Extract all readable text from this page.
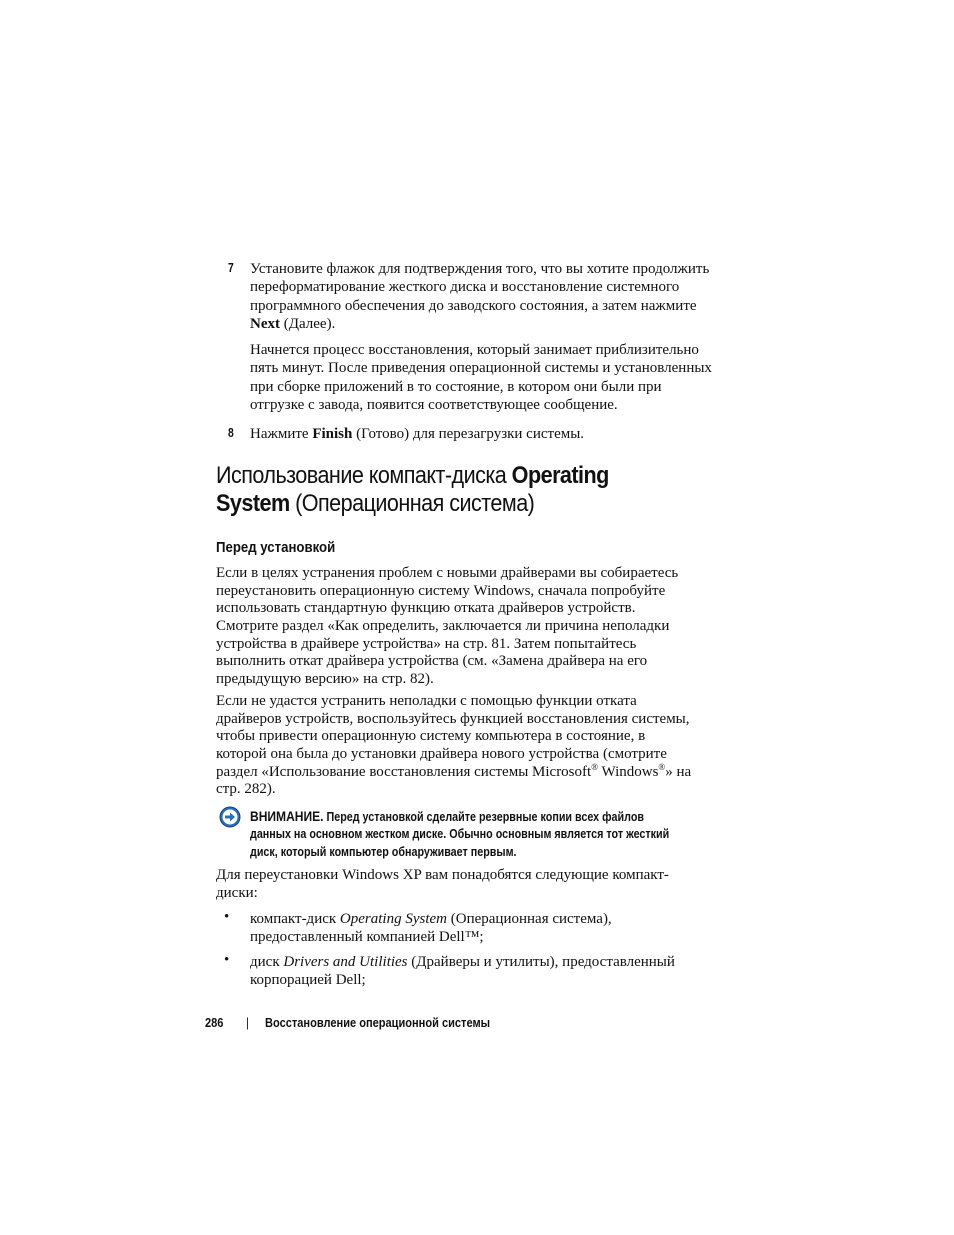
7 Установите флажок для подтверждения того, что вы хотите продолжить
переформатирование жесткого диска и восстановление системного
программного обеспечения до заводского состояния, а затем нажмите
Next (Далее).
Начнется процесс восстановления, который занимает приблизительно
пять минут. После приведения операционной системы и установленных
при сборке приложений в то состояние, в котором они были при
отгрузке с завода, появится соответствующее сообщение.
8 Нажмите Finish (Готово) для перезагрузки системы.
Использование компакт-диска Operating
System (Операционная система)
Перед установкой
Если в целях устранения проблем с новыми драйверами вы собираетесь
переустановить операционную систему Windows, сначала попробуйте
использовать стандартную функцию отката драйверов устройств.
Смотрите раздел «Как определить, заключается ли причина неполадки
устройства в драйвере устройства» на стр. 81. Затем попытайтесь
выполнить откат драйвера устройства (см. «Замена драйвера на его
предыдущую версию» на стр. 82).
Если не удастся устранить неполадки с помощью функции отката
драйверов устройств, воспользуйтесь функцией восстановления системы,
чтобы привести операционную систему компьютера в состояние, в
которой она была до установки драйвера нового устройства (смотрите
раздел «Использование восстановления системы Microsoft® Windows®» на
стр. 282).
ВНИМАНИЕ. Перед установкой сделайте резервные копии всех файлов
данных на основном жестком диске. Обычно основным является тот жесткий
диск, который компьютер обнаруживает первым.
Для переустановки Windows XP вам понадобятся следующие компакт-
диски:
• компакт-диск Operating System (Операционная система),
предоставленный компанией Dell™;
• диск Drivers and Utilities (Драйверы и утилиты), предоставленный
корпорацией Dell;
286 | Восстановление операционной системы
